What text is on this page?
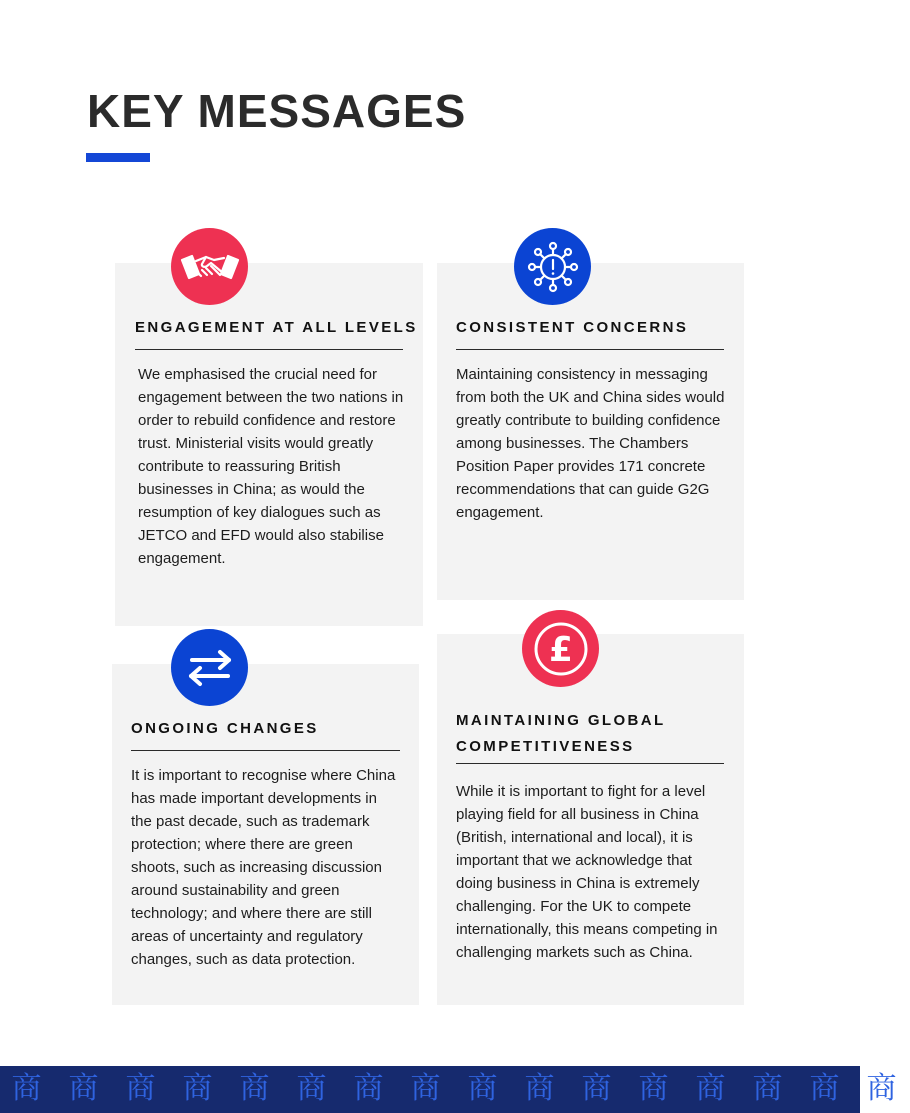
KEY MESSAGES
ENGAGEMENT AT ALL LEVELS

We emphasised the crucial need for engagement between the two nations in order to rebuild confidence and restore trust. Ministerial visits would greatly contribute to reassuring British businesses in China; as would the resumption of key dialogues such as JETCO and EFD would also stabilise engagement.

CONSISTENT CONCERNS

Maintaining consistency in messaging from both the UK and China sides would greatly contribute to building confidence among businesses. The Chambers Position Paper provides 171 concrete recommendations that can guide G2G engagement.

ONGOING CHANGES

It is important to recognise where China has made important developments in the past decade, such as trademark protection; where there are green shoots, such as increasing discussion around sustainability and green technology; and where there are still areas of uncertainty and regulatory changes, such as data protection.

£
MAINTAINING GLOBAL COMPETITIVENESS

While it is important to fight for a level playing field for all business in China (British, international and local), it is important that we acknowledge that doing business in China is extremely challenging. For the UK to compete internationally, this means competing in challenging markets such as China.

商 商 商 商 商 商 商 商 商 商 商 商 商 商 商 商
